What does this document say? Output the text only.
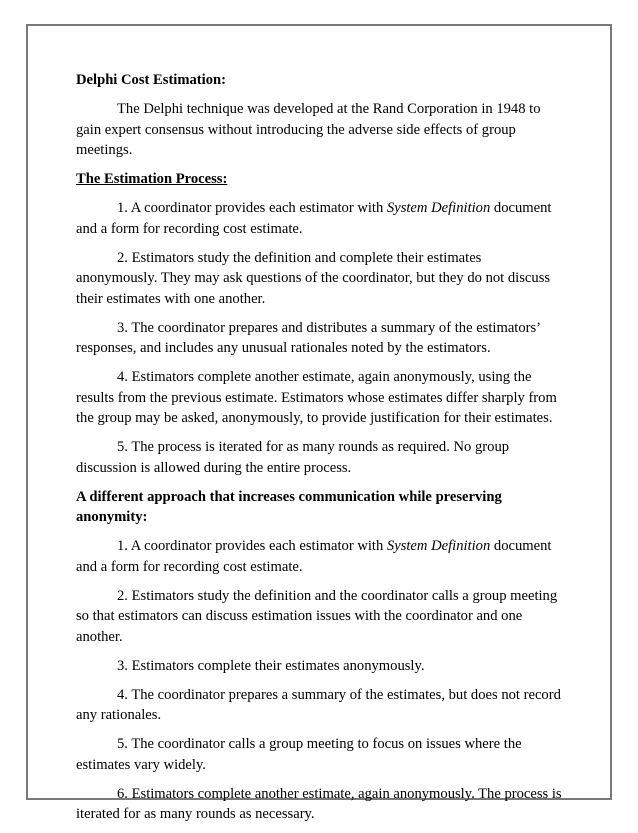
Delphi Cost Estimation:

The Delphi technique was developed at the Rand Corporation in 1948 to gain expert consensus without introducing the adverse side effects of group meetings.

The Estimation Process:

1. A coordinator provides each estimator with System Definition document and a form for recording cost estimate.

2. Estimators study the definition and complete their estimates anonymously. They may ask questions of the coordinator, but they do not discuss their estimates with one another.

3. The coordinator prepares and distributes a summary of the estimators’ responses, and includes any unusual rationales noted by the estimators.

4. Estimators complete another estimate, again anonymously, using the results from the previous estimate. Estimators whose estimates differ sharply from the group may be asked, anonymously, to provide justification for their estimates.

5. The process is iterated for as many rounds as required. No group discussion is allowed during the entire process.

A different approach that increases communication while preserving anonymity:

1. A coordinator provides each estimator with System Definition document and a form for recording cost estimate.

2. Estimators study the definition and the coordinator calls a group meeting so that estimators can discuss estimation issues with the coordinator and one another.

3. Estimators complete their estimates anonymously.

4. The coordinator prepares a summary of the estimates, but does not record any rationales.

5. The coordinator calls a group meeting to focus on issues where the estimates vary widely.

6. Estimators complete another estimate, again anonymously. The process is iterated for as many rounds as necessary.
